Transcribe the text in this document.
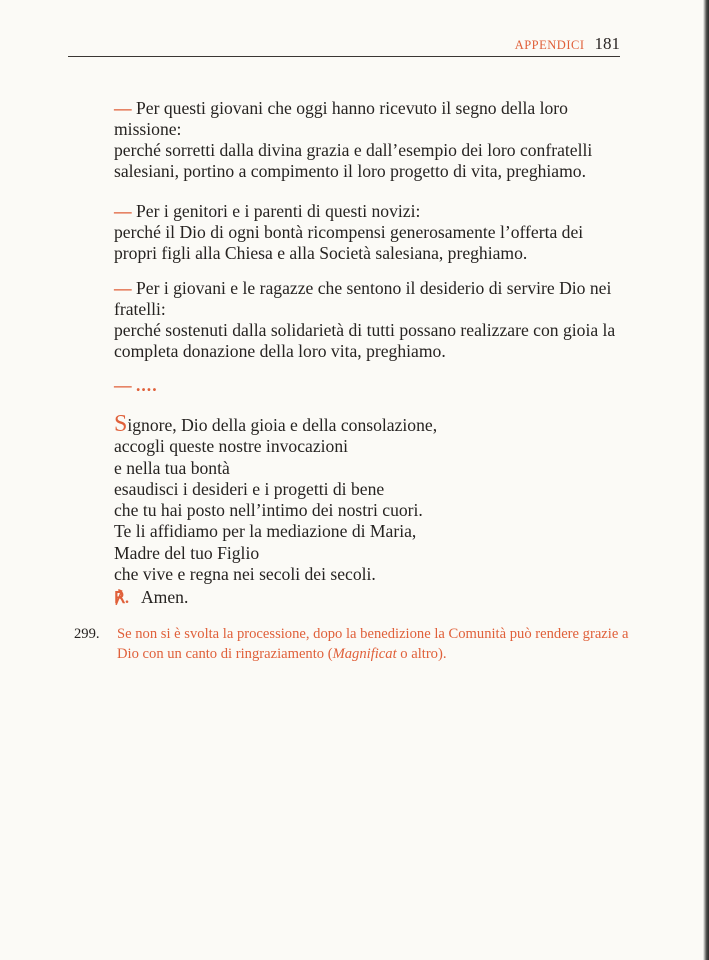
APPENDICI 181
— Per questi giovani che oggi hanno ricevuto il segno della loro missione:
perché sorretti dalla divina grazia e dall’esempio dei loro confratelli salesiani, portino a compimento il loro progetto di vita, preghiamo.
— Per i genitori e i parenti di questi novizi:
perché il Dio di ogni bontà ricompensi generosamente l’offerta dei propri figli alla Chiesa e alla Società salesiana, preghiamo.
— Per i giovani e le ragazze che sentono il desiderio di servire Dio nei fratelli:
perché sostenuti dalla solidarietà di tutti possano realizzare con gioia la completa donazione della loro vita, preghiamo.
— ....
Signore, Dio della gioia e della consolazione,
accogli queste nostre invocazioni
e nella tua bontà
esaudisci i desideri e i progetti di bene
che tu hai posto nell’intimo dei nostri cuori.
Te li affidiamo per la mediazione di Maria,
Madre del tuo Figlio
che vive e regna nei secoli dei secoli.
℟. Amen.
299.	Se non si è svolta la processione, dopo la benedizione la Comunità può rendere grazie a Dio con un canto di ringraziamento (Magnificat o altro).
